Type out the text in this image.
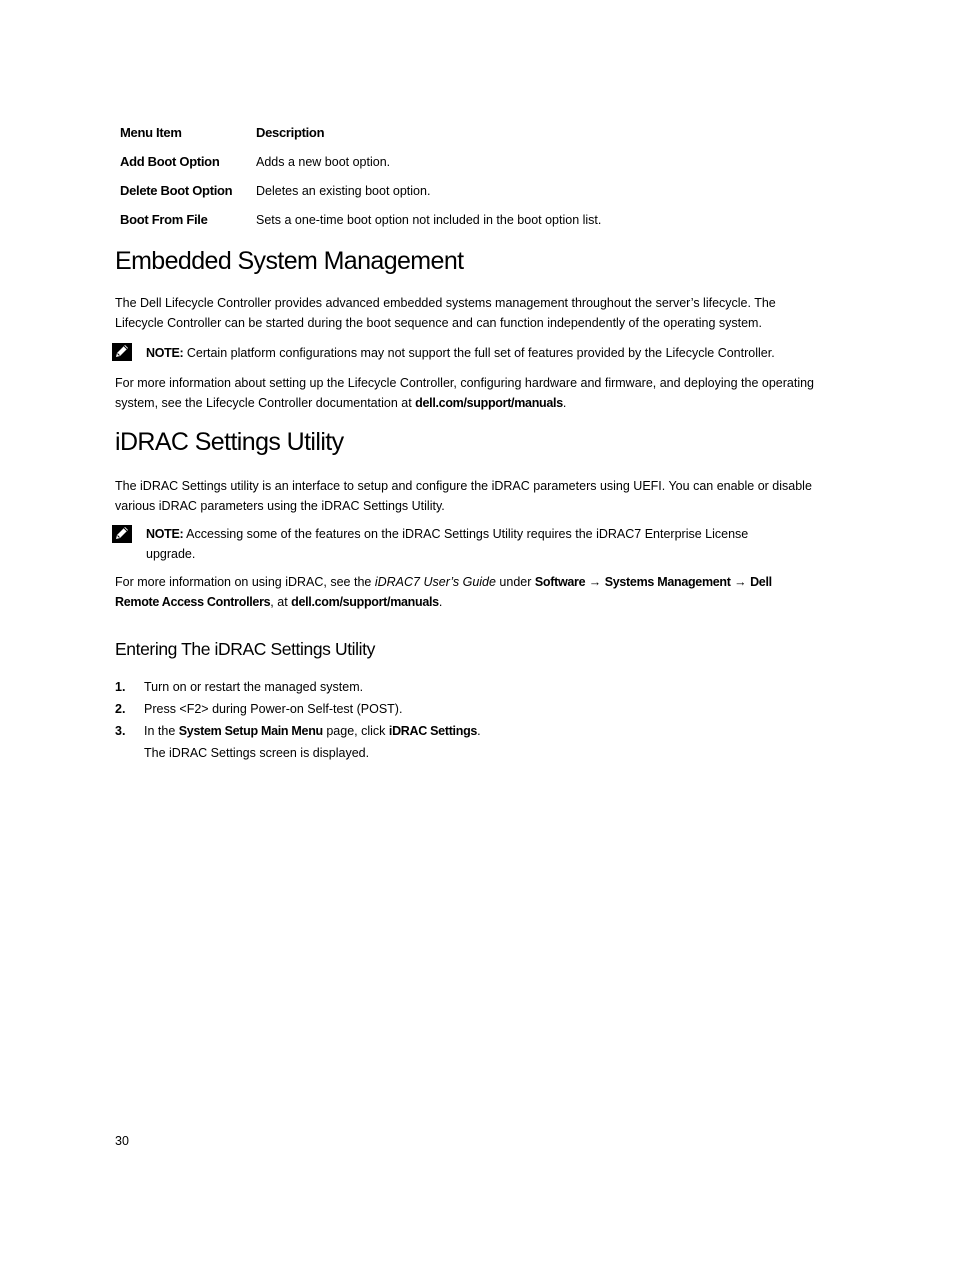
Menu Item	Description
Add Boot Option	Adds a new boot option.
Delete Boot Option	Deletes an existing boot option.
Boot From File	Sets a one-time boot option not included in the boot option list.
Embedded System Management

The Dell Lifecycle Controller provides advanced embedded systems management throughout the server’s lifecycle. The Lifecycle Controller can be started during the boot sequence and can function independently of the operating system.

NOTE: Certain platform configurations may not support the full set of features provided by the Lifecycle Controller.

For more information about setting up the Lifecycle Controller, configuring hardware and firmware, and deploying the operating system, see the Lifecycle Controller documentation at dell.com/support/manuals.

iDRAC Settings Utility

The iDRAC Settings utility is an interface to setup and configure the iDRAC parameters using UEFI. You can enable or disable various iDRAC parameters using the iDRAC Settings Utility.

NOTE: Accessing some of the features on the iDRAC Settings Utility requires the iDRAC7 Enterprise License upgrade.

For more information on using iDRAC, see the iDRAC7 User’s Guide under Software → Systems Management → Dell Remote Access Controllers, at dell.com/support/manuals.

Entering The iDRAC Settings Utility
1.	Turn on or restart the managed system.
2.	Press <F2> during Power-on Self-test (POST).
3.	In the System Setup Main Menu page, click iDRAC Settings.
The iDRAC Settings screen is displayed.
30
